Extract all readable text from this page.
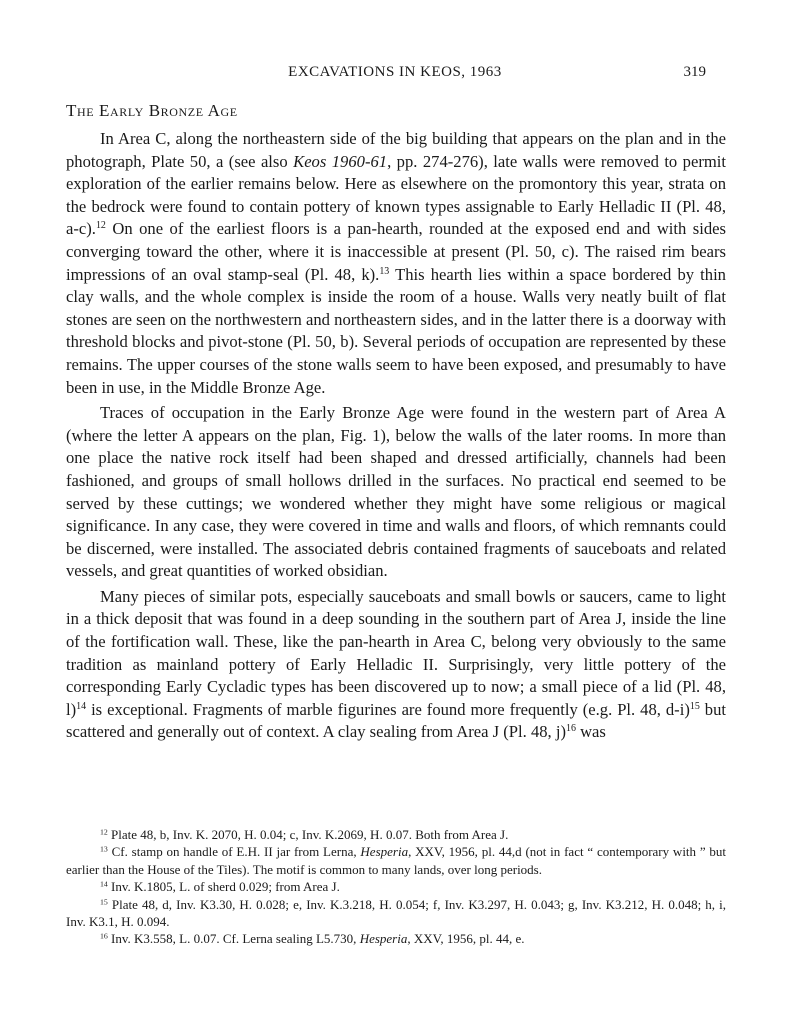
EXCAVATIONS IN KEOS, 1963	319
The Early Bronze Age

In Area C, along the northeastern side of the big building that appears on the plan and in the photograph, Plate 50, a (see also Keos 1960-61, pp. 274-276), late walls were removed to permit exploration of the earlier remains below. Here as elsewhere on the promontory this year, strata on the bedrock were found to contain pottery of known types assignable to Early Helladic II (Pl. 48, a-c).$^{12}$ On one of the earliest floors is a pan-hearth, rounded at the exposed end and with sides converging toward the other, where it is inaccessible at present (Pl. 50, c). The raised rim bears impressions of an oval stamp-seal (Pl. 48, k).$^{13}$ This hearth lies within a space bordered by thin clay walls, and the whole complex is inside the room of a house. Walls very neatly built of flat stones are seen on the northwestern and northeastern sides, and in the latter there is a doorway with threshold blocks and pivot-stone (Pl. 50, b). Several periods of occupation are represented by these remains. The upper courses of the stone walls seem to have been exposed, and presumably to have been in use, in the Middle Bronze Age.

Traces of occupation in the Early Bronze Age were found in the western part of Area A (where the letter A appears on the plan, Fig. 1), below the walls of the later rooms. In more than one place the native rock itself had been shaped and dressed artificially, channels had been fashioned, and groups of small hollows drilled in the surfaces. No practical end seemed to be served by these cuttings; we wondered whether they might have some religious or magical significance. In any case, they were covered in time and walls and floors, of which remnants could be discerned, were installed. The associated debris contained fragments of sauceboats and related vessels, and great quantities of worked obsidian.

Many pieces of similar pots, especially sauceboats and small bowls or saucers, came to light in a thick deposit that was found in a deep sounding in the southern part of Area J, inside the line of the fortification wall. These, like the pan-hearth in Area C, belong very obviously to the same tradition as mainland pottery of Early Helladic II. Surprisingly, very little pottery of the corresponding Early Cycladic types has been discovered up to now; a small piece of a lid (Pl. 48, l)$^{14}$ is exceptional. Fragments of marble figurines are found more frequently (e.g. Pl. 48, d-i)$^{15}$ but scattered and generally out of context. A clay sealing from Area J (Pl. 48, j)$^{16}$ was

$^{12}$ Plate 48, b, Inv. K. 2070, H. 0.04; c, Inv. K.2069, H. 0.07. Both from Area J.

$^{13}$ Cf. stamp on handle of E.H. II jar from Lerna, Hesperia, XXV, 1956, pl. 44,d (not in fact “ contemporary with ” but earlier than the House of the Tiles). The motif is common to many lands, over long periods.

$^{14}$ Inv. K.1805, L. of sherd 0.029; from Area J.

$^{15}$ Plate 48, d, Inv. K3.30, H. 0.028; e, Inv. K.3.218, H. 0.054; f, Inv. K3.297, H. 0.043; g, Inv. K3.212, H. 0.048; h, i, Inv. K3.1, H. 0.094.

$^{16}$ Inv. K3.558, L. 0.07. Cf. Lerna sealing L5.730, Hesperia, XXV, 1956, pl. 44, e.
